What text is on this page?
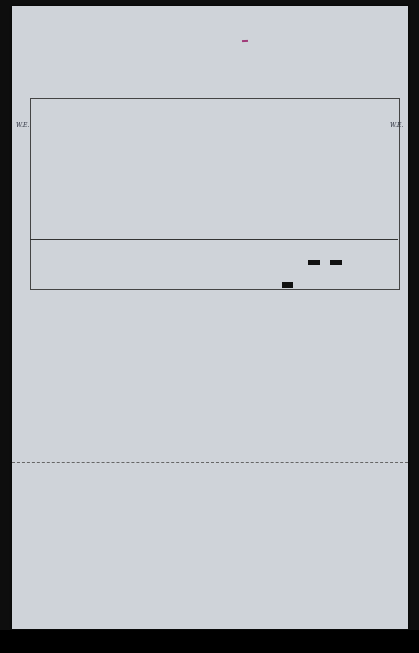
W.E.	W.E.
